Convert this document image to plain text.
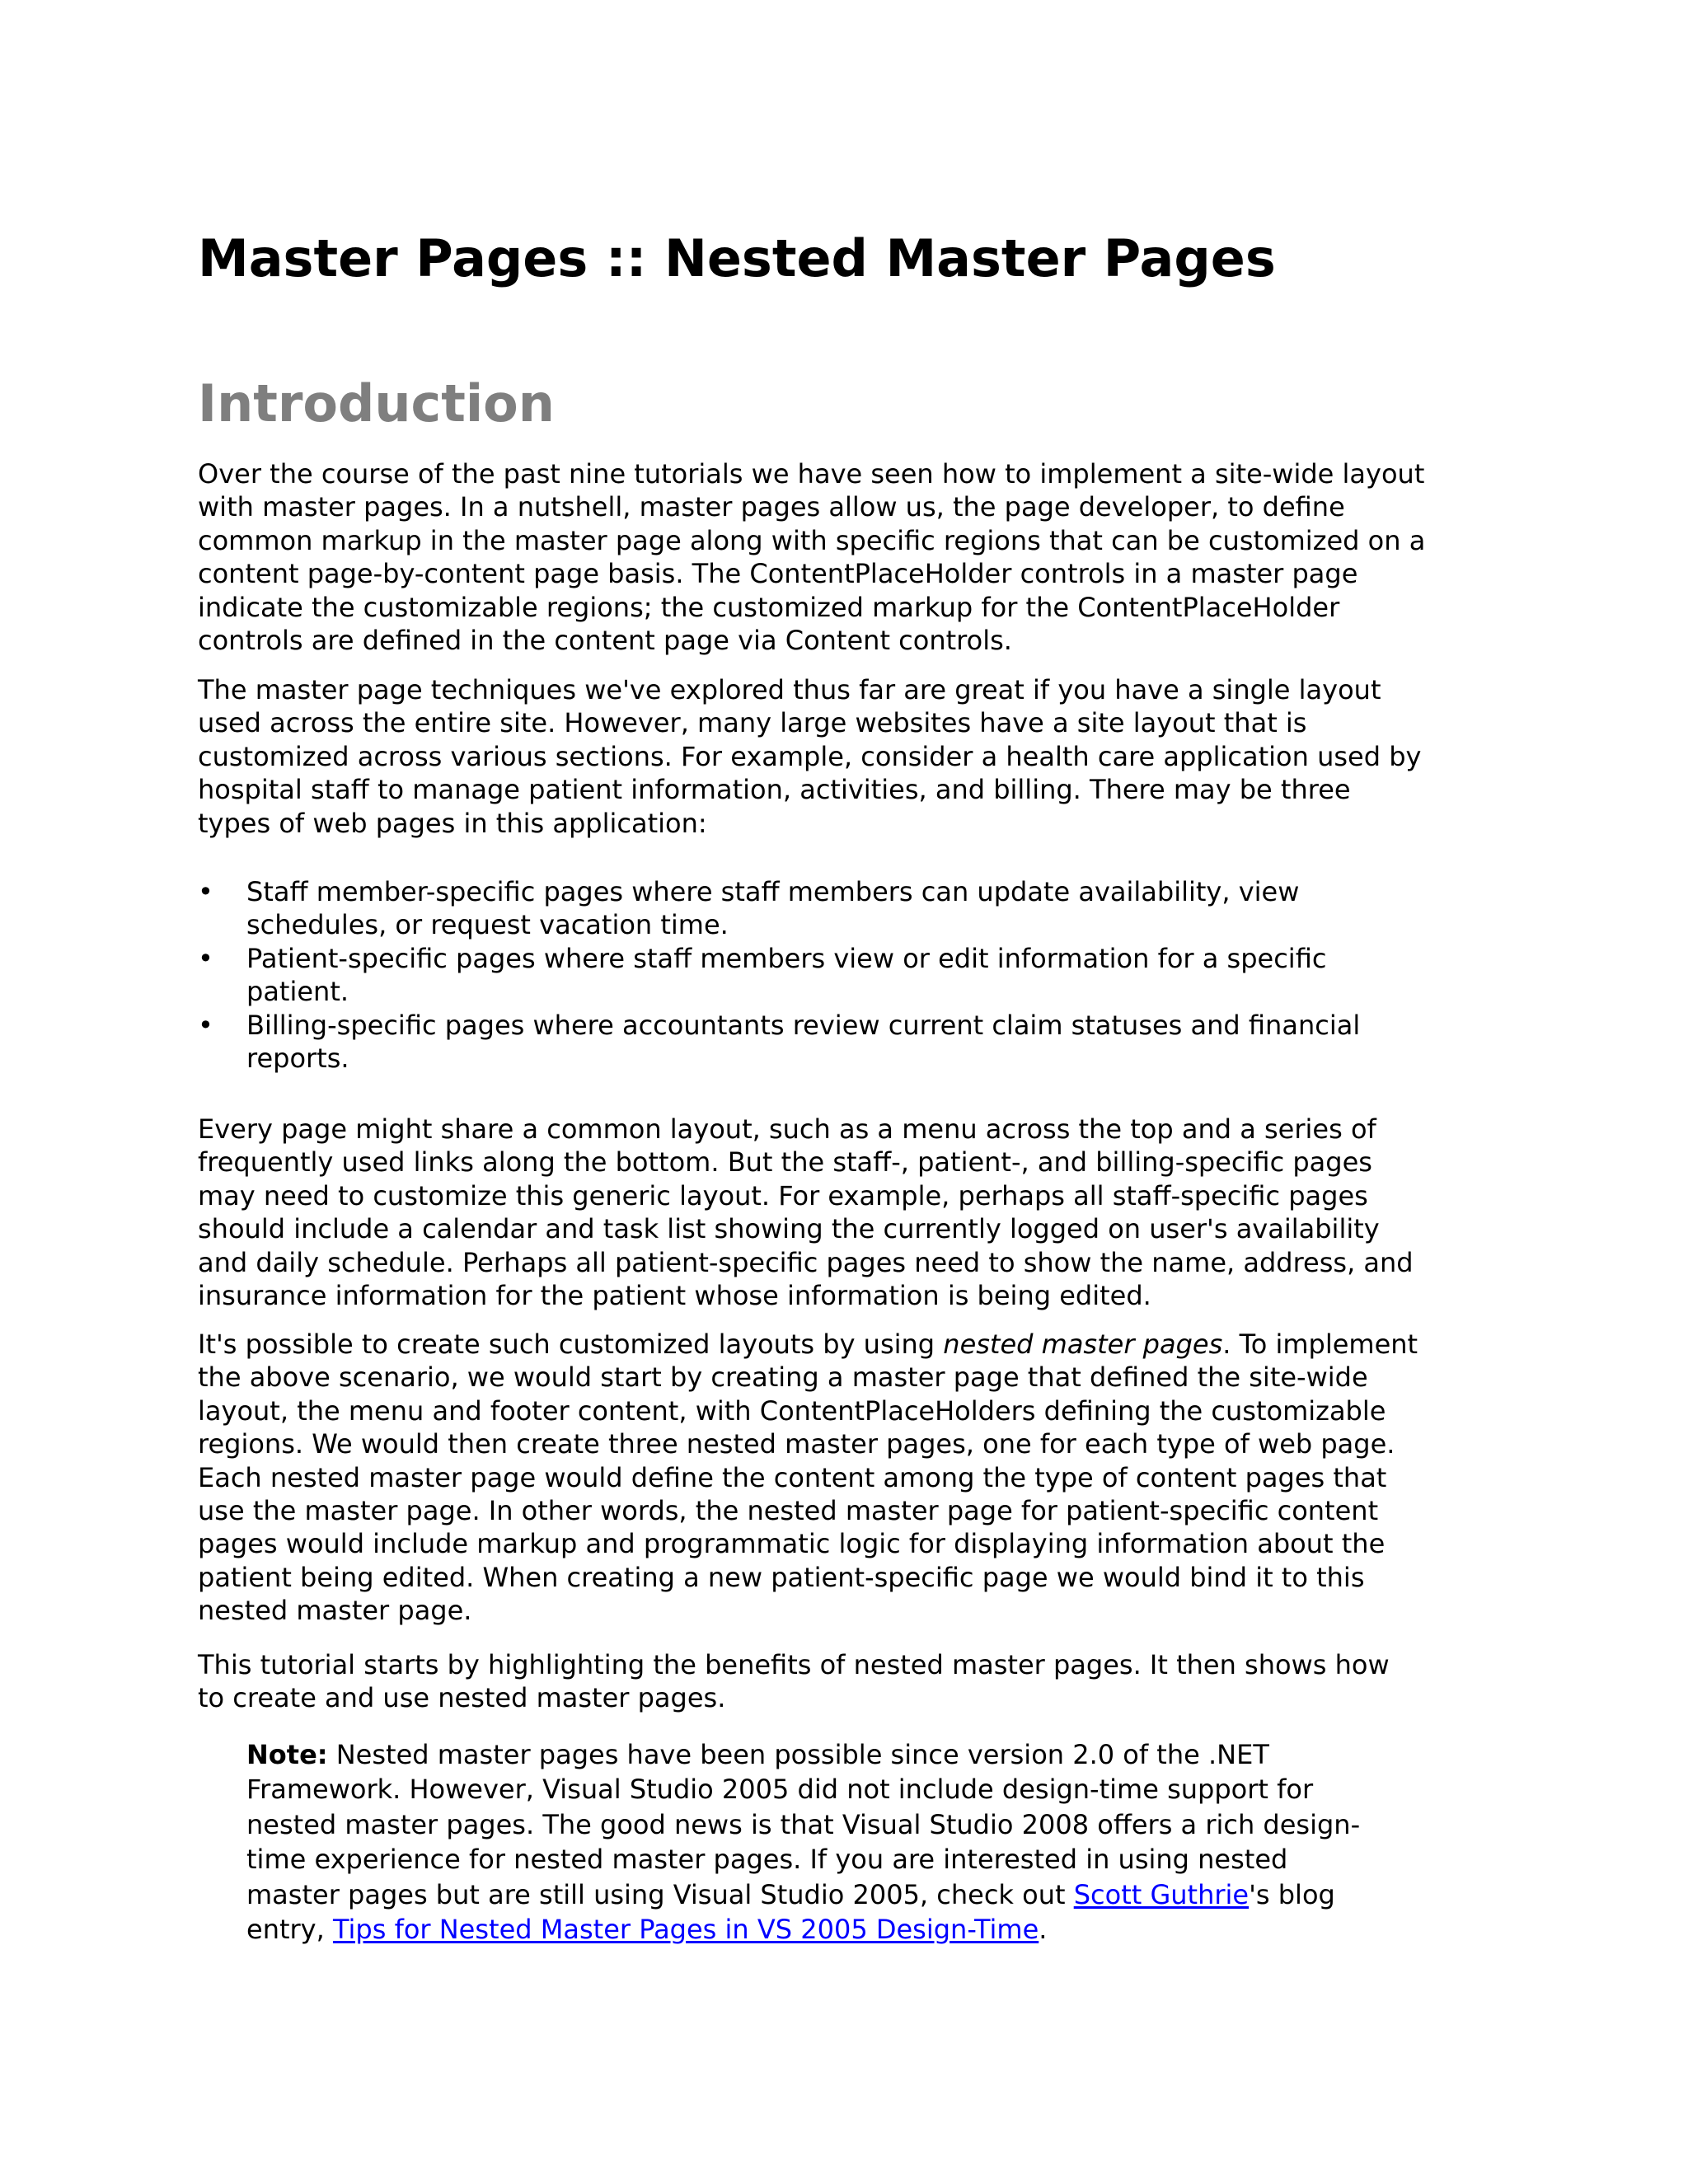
Master Pages :: Nested Master Pages
Introduction

Over the course of the past nine tutorials we have seen how to implement a site-wide layout
with master pages. In a nutshell, master pages allow us, the page developer, to define
common markup in the master page along with specific regions that can be customized on a
content page-by-content page basis. The ContentPlaceHolder controls in a master page
indicate the customizable regions; the customized markup for the ContentPlaceHolder
controls are defined in the content page via Content controls.

The master page techniques we've explored thus far are great if you have a single layout
used across the entire site. However, many large websites have a site layout that is
customized across various sections. For example, consider a health care application used by
hospital staff to manage patient information, activities, and billing. There may be three
types of web pages in this application:

• Staff member-specific pages where staff members can update availability, view
schedules, or request vacation time.
• Patient-specific pages where staff members view or edit information for a specific
patient.
• Billing-specific pages where accountants review current claim statuses and financial
reports.

Every page might share a common layout, such as a menu across the top and a series of
frequently used links along the bottom. But the staff-, patient-, and billing-specific pages
may need to customize this generic layout. For example, perhaps all staff-specific pages
should include a calendar and task list showing the currently logged on user's availability
and daily schedule. Perhaps all patient-specific pages need to show the name, address, and
insurance information for the patient whose information is being edited.

It's possible to create such customized layouts by using nested master pages. To implement
the above scenario, we would start by creating a master page that defined the site-wide
layout, the menu and footer content, with ContentPlaceHolders defining the customizable
regions. We would then create three nested master pages, one for each type of web page.
Each nested master page would define the content among the type of content pages that
use the master page. In other words, the nested master page for patient-specific content
pages would include markup and programmatic logic for displaying information about the
patient being edited. When creating a new patient-specific page we would bind it to this
nested master page.

This tutorial starts by highlighting the benefits of nested master pages. It then shows how
to create and use nested master pages.

Note: Nested master pages have been possible since version 2.0 of the .NET
Framework. However, Visual Studio 2005 did not include design-time support for
nested master pages. The good news is that Visual Studio 2008 offers a rich design-
time experience for nested master pages. If you are interested in using nested
master pages but are still using Visual Studio 2005, check out Scott Guthrie's blog
entry, Tips for Nested Master Pages in VS 2005 Design-Time.
